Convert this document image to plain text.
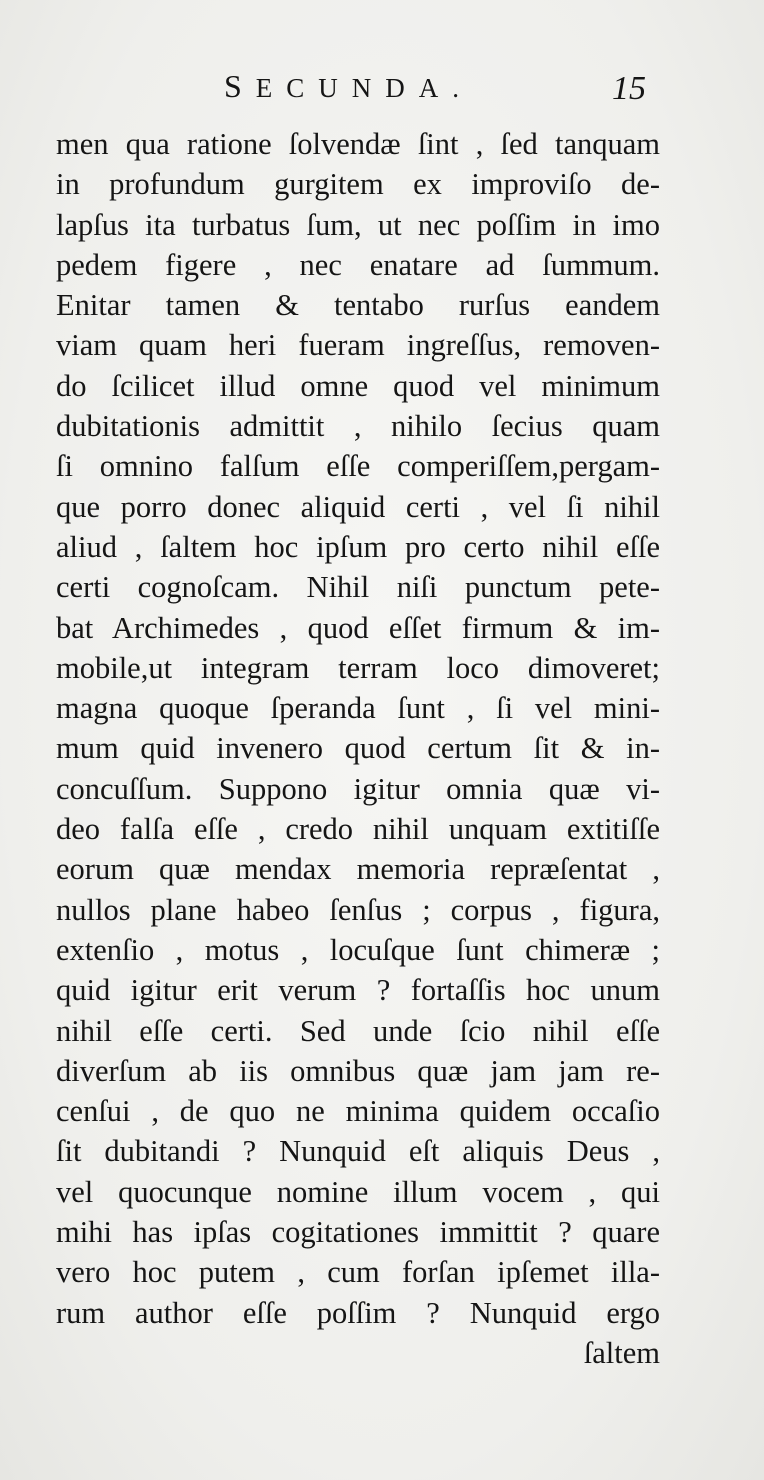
SECUNDA.	15
men qua ratione ſolvendæ ſint , ſed tanquam
in profundum gurgitem ex improviſo de-
lapſus ita turbatus ſum, ut nec poſſim in imo
pedem figere , nec enatare ad ſummum.
Enitar tamen & tentabo rurſus eandem
viam quam heri fueram ingreſſus, removen-
do ſcilicet illud omne quod vel minimum
dubitationis admittit , nihilo ſecius quam
ſi omnino falſum eſſe comperiſſem,pergam-
que porro donec aliquid certi , vel ſi nihil
aliud , ſaltem hoc ipſum pro certo nihil eſſe
certi cognoſcam. Nihil niſi punctum pete-
bat Archimedes , quod eſſet firmum & im-
mobile,ut integram terram loco dimoveret;
magna quoque ſperanda ſunt , ſi vel mini-
mum quid invenero quod certum ſit & in-
concuſſum. Suppono igitur omnia quæ vi-
deo falſa eſſe , credo nihil unquam extitiſſe
eorum quæ mendax memoria repræſentat ,
nullos plane habeo ſenſus ; corpus , figura,
extenſio , motus , locuſque ſunt chimeræ ;
quid igitur erit verum ? fortaſſis hoc unum
nihil eſſe certi. Sed unde ſcio nihil eſſe
diverſum ab iis omnibus quæ jam jam re-
cenſui , de quo ne minima quidem occaſio
ſit dubitandi ? Nunquid eſt aliquis Deus ,
vel quocunque nomine illum vocem , qui
mihi has ipſas cogitationes immittit ? quare
vero hoc putem , cum forſan ipſemet illa-
rum author eſſe poſſim ? Nunquid ergo
ſaltem
